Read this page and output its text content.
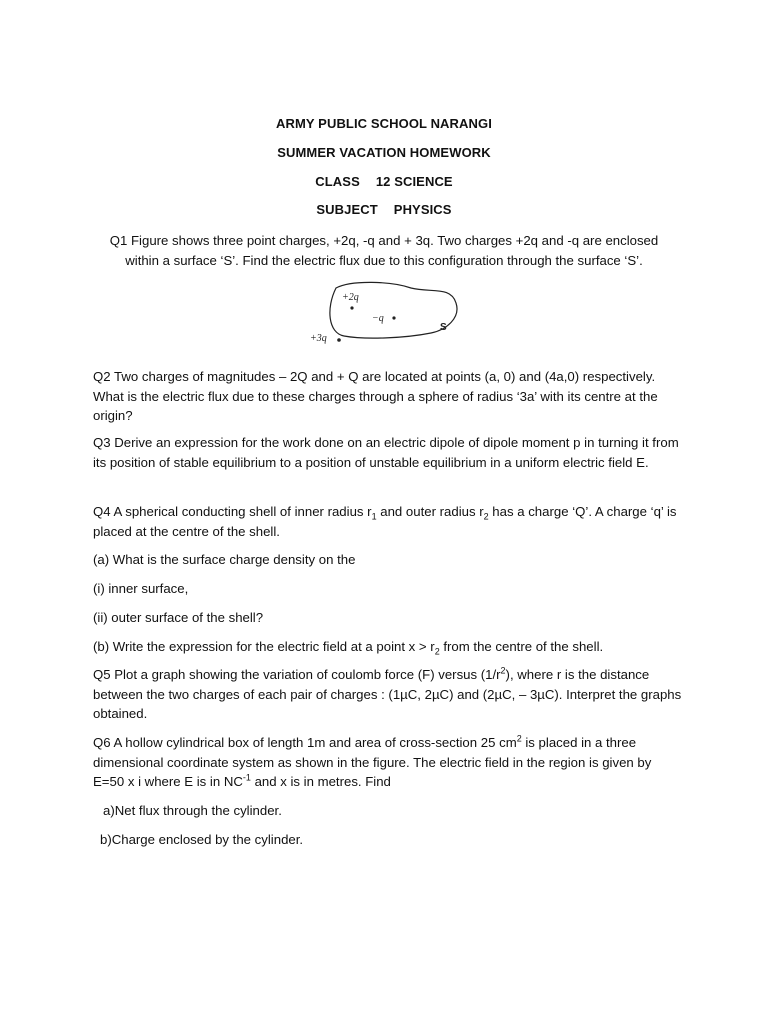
ARMY PUBLIC SCHOOL NARANGI
SUMMER VACATION HOMEWORK
CLASS 12 SCIENCE
SUBJECT PHYSICS
Q1 Figure shows three point charges, +2q, -q and + 3q. Two charges +2q and -q are enclosed
within a surface ‘S’. Find the electric flux due to this configuration through the surface ‘S’.
+2q
−q
S
+3q
Q2 Two charges of magnitudes – 2Q and + Q are located at points (a, 0) and (4a,0) respectively. What is the electric flux due to these charges through a sphere of radius ‘3a’ with its centre at the origin?
Q3 Derive an expression for the work done on an electric dipole of dipole moment p in turning it from its position of stable equilibrium to a position of unstable equilibrium in a uniform electric field E.
Q4 A spherical conducting shell of inner radius $r_1$ and outer radius $r_2$ has a charge ‘Q’. A charge ‘q’ is placed at the centre of the shell.
(a) What is the surface charge density on the
(i) inner surface,
(ii) outer surface of the shell?
(b) Write the expression for the electric field at a point $x > r_2$ from the centre of the shell.
Q5 Plot a graph showing the variation of coulomb force (F) versus $(1/r^2)$, where r is the distance between the two charges of each pair of charges : (1µC, 2µC) and (2µC, – 3µC). Interpret the graphs obtained.
Q6 A hollow cylindrical box of length 1m and area of cross-section 25 $cm^2$ is placed in a three dimensional coordinate system as shown in the figure. The electric field in the region is given by E=50 x i where E is in $NC^{-1}$ and x is in metres. Find
a)Net flux through the cylinder.
b)Charge enclosed by the cylinder.
